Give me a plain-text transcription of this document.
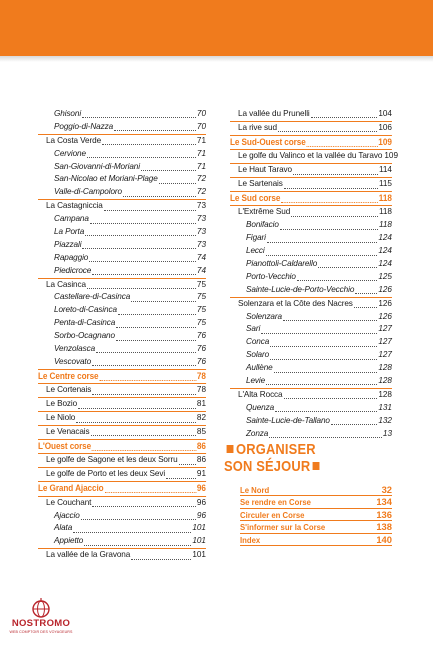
Ghisoni	70
Poggio-di-Nazza	70
La Costa Verde	71
Cervione	71
San-Giovanni-di-Moriani	71
San-Nicolao et Moriani-Plage	72
Valle-di-Campoloro	72
La Castagniccia	73
Campana	73
La Porta	73
Piazzali	73
Rapaggio	74
Piedicroce	74
La Casinca	75
Castellare-di-Casinca	75
Loreto-di-Casinca	75
Penta-di-Casinca	75
Sorbo-Ocagnano	76
Venzolasca	76
Vescovato	76
Le Centre corse	78
Le Cortenais	78
Le Bozio	81
Le Niolo	82
Le Venacais	85
L'Ouest corse	86
Le golfe de Sagone et les deux Sorru 86
Le golfe de Porto et les deux Sevi	91
Le Grand Ajaccio	96
Le Couchant	96
Ajaccio	96
Alata	101
Appietto	101
La vallée de la Gravona	101
La vallée du Prunelli	104
La rive sud	106
Le Sud-Ouest corse	109
Le golfe du Valinco et la vallée du Taravo 109
Le Haut Taravo	114
Le Sartenais	115
Le Sud corse	118
L'Extrême Sud	118
Bonifacio	118
Figari	124
Lecci	124
Pianottoli-Caldarello	124
Porto-Vecchio	125
Sainte-Lucie-de-Porto-Vecchio	126
Solenzara et la Côte des Nacres	126
Solenzara	126
Sari	127
Conca	127
Solaro	127
Aullène	128
Levie	128
L'Alta Rocca	128
Quenza	131
Sainte-Lucie-de-Tallano	132
Zonza	13
ORGANISER
SON SÉJOUR
Le Nord	32
Se rendre en Corse	134
Circuler en Corse	136
S'informer sur la Corse	138
Index	140
NOSTROMO
WEB COMPTOIR DES VOYAGEURS
